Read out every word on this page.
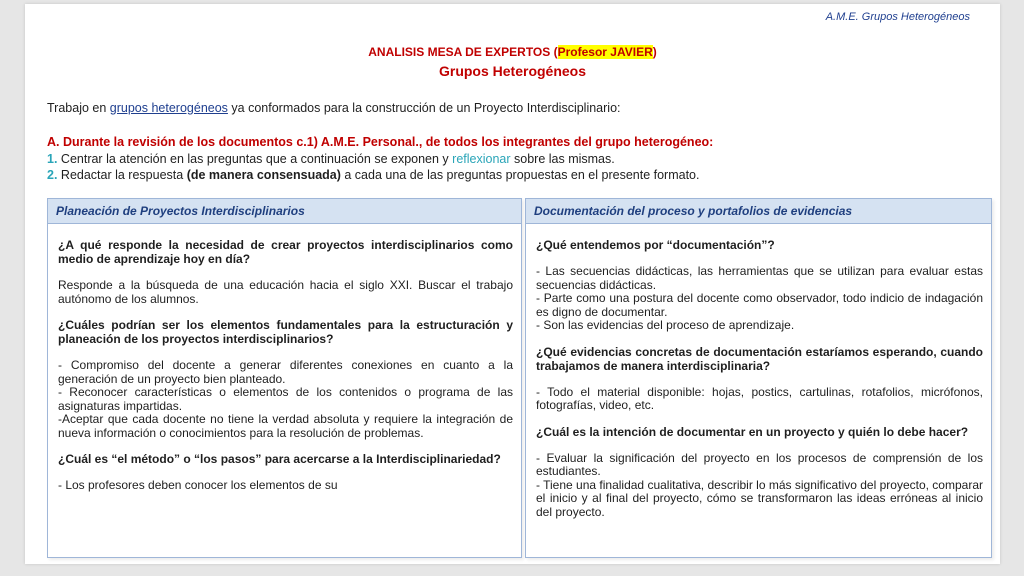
A.M.E. Grupos Heterogéneos
ANALISIS MESA DE EXPERTOS (Profesor JAVIER)
Grupos Heterogéneos
Trabajo en grupos heterogéneos ya conformados para la construcción de un Proyecto Interdisciplinario:
A. Durante la revisión de los documentos c.1) A.M.E. Personal., de todos los integrantes del grupo heterogéneo:
1. Centrar la atención en las preguntas que a continuación se exponen y reflexionar sobre las mismas.
2. Redactar la respuesta (de manera consensuada) a cada una de las preguntas propuestas en el presente formato.
Planeación de Proyectos Interdisciplinarios
¿A qué responde la necesidad de crear proyectos interdisciplinarios como medio de aprendizaje hoy en día?
Responde a la búsqueda de una educación hacia el siglo XXI. Buscar el trabajo autónomo de los alumnos.
¿Cuáles podrían ser los elementos fundamentales para la estructuración y planeación de los proyectos interdisciplinarios?

- Compromiso del docente a generar diferentes conexiones en cuanto a la generación de un proyecto bien planteado.

- Reconocer características o elementos de los contenidos o programa de las asignaturas impartidas.

-Aceptar que cada docente no tiene la verdad absoluta y requiere la integración de nueva información o conocimientos para la resolución de problemas.

¿Cuál es “el método” o “los pasos” para acercarse a la Interdisciplinariedad?
- Los profesores deben conocer los elementos de su
Documentación del proceso y portafolios de evidencias
¿Qué entendemos por “documentación”?

- Las secuencias didácticas, las herramientas que se utilizan para evaluar estas secuencias didácticas.

- Parte como una postura del docente como observador, todo indicio de indagación es digno de documentar.

- Son las evidencias del proceso de aprendizaje.

¿Qué evidencias concretas de documentación estaríamos esperando, cuando trabajamos de manera interdisciplinaria?
- Todo el material disponible: hojas, postics, cartulinas, rotafolios, micrófonos, fotografías, video, etc.
¿Cuál es la intención de documentar en un proyecto y quién lo debe hacer?

- Evaluar la significación del proyecto en los procesos de comprensión de los estudiantes.

- Tiene una finalidad cualitativa, describir lo más significativo del proyecto, comparar el inicio y al final del proyecto, cómo se transformaron las ideas erróneas al inicio del proyecto.
